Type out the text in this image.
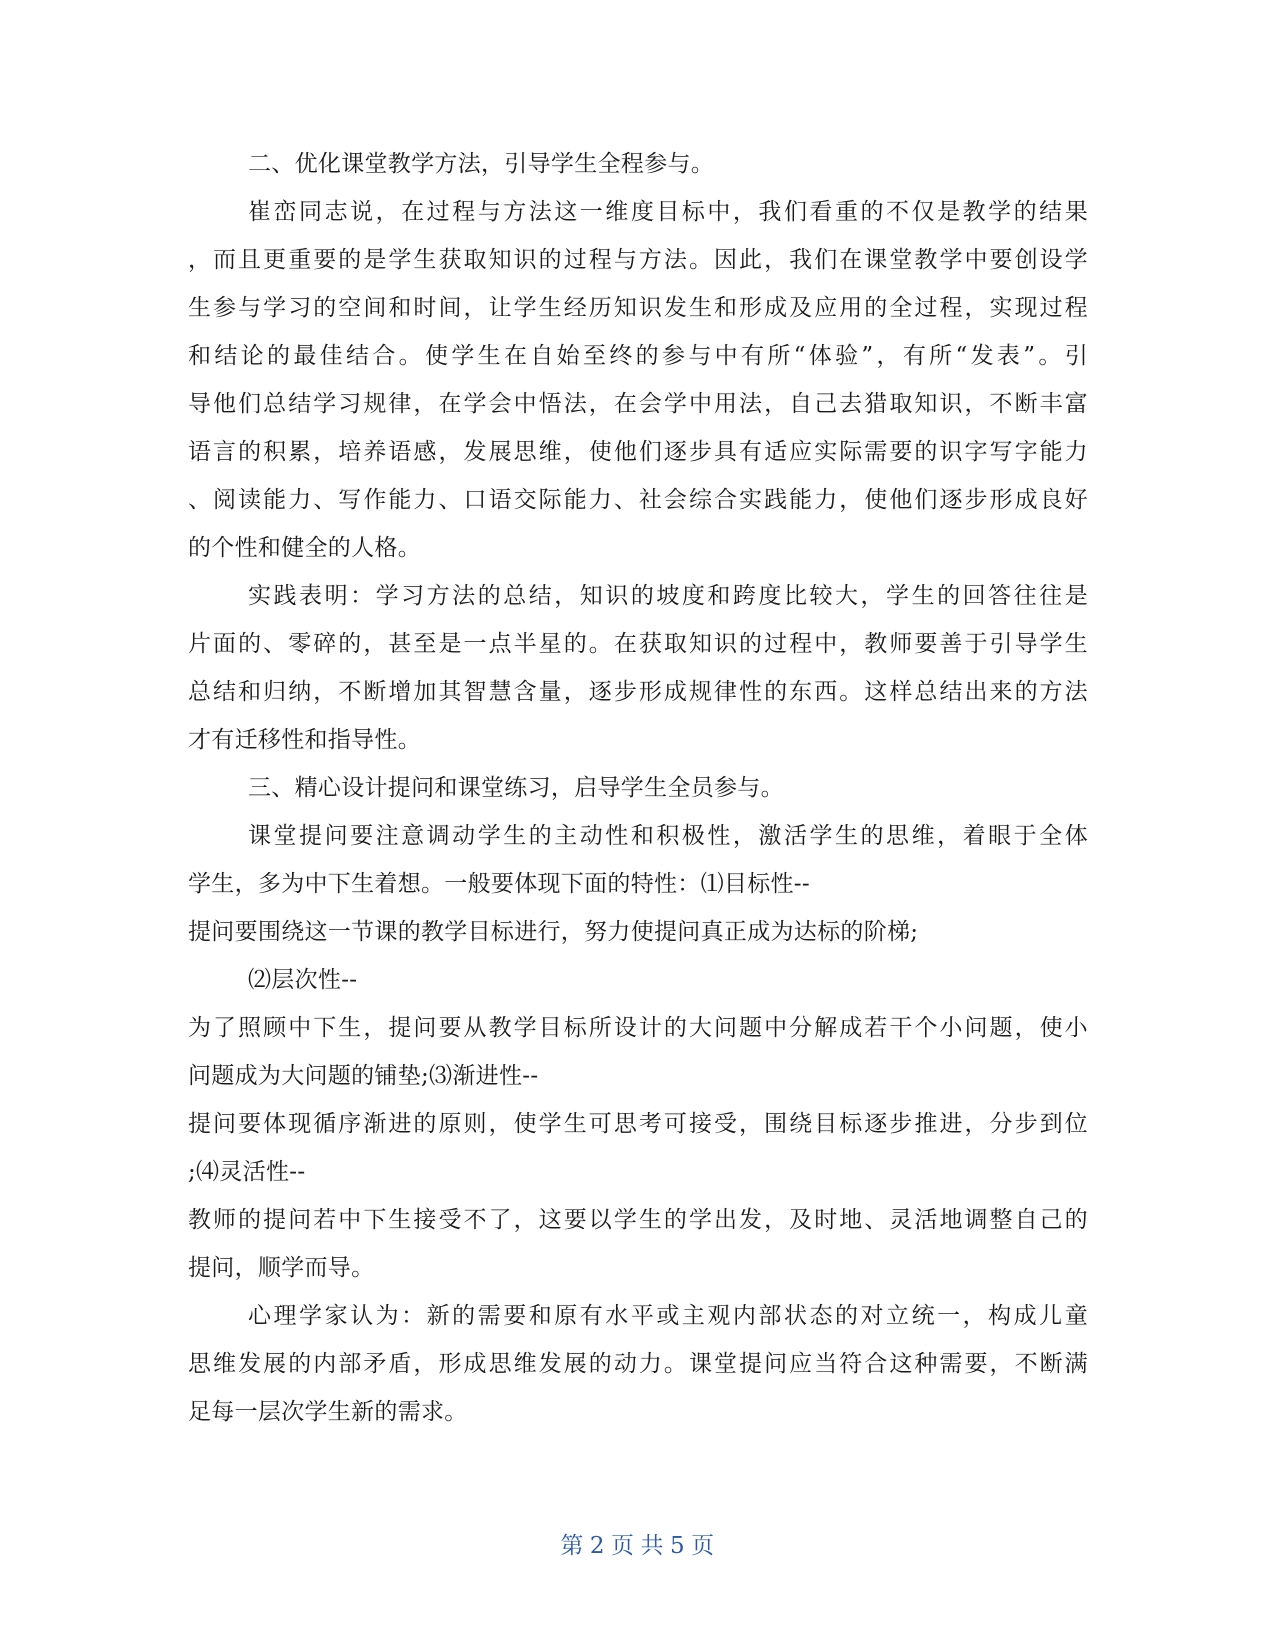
二、优化课堂教学方法，引导学生全程参与。
崔峦同志说，在过程与方法这一维度目标中，我们看重的不仅是教学的结果
，而且更重要的是学生获取知识的过程与方法。因此，我们在课堂教学中要创设学
生参与学习的空间和时间，让学生经历知识发生和形成及应用的全过程，实现过程
和结论的最佳结合。使学生在自始至终的参与中有所“体验”，有所“发表”。引
导他们总结学习规律，在学会中悟法，在会学中用法，自己去猎取知识，不断丰富
语言的积累，培养语感，发展思维，使他们逐步具有适应实际需要的识字写字能力
、阅读能力、写作能力、口语交际能力、社会综合实践能力，使他们逐步形成良好
的个性和健全的人格。
实践表明：学习方法的总结，知识的坡度和跨度比较大，学生的回答往往是
片面的、零碎的，甚至是一点半星的。在获取知识的过程中，教师要善于引导学生
总结和归纳，不断增加其智慧含量，逐步形成规律性的东西。这样总结出来的方法
才有迁移性和指导性。
三、精心设计提问和课堂练习，启导学生全员参与。
课堂提问要注意调动学生的主动性和积极性，激活学生的思维，着眼于全体
学生，多为中下生着想。一般要体现下面的特性：⑴目标性--
提问要围绕这一节课的教学目标进行，努力使提问真正成为达标的阶梯;
⑵层次性--
为了照顾中下生，提问要从教学目标所设计的大问题中分解成若干个小问题，使小
问题成为大问题的铺垫;⑶渐进性--
提问要体现循序渐进的原则，使学生可思考可接受，围绕目标逐步推进，分步到位
;⑷灵活性--
教师的提问若中下生接受不了，这要以学生的学出发，及时地、灵活地调整自己的
提问，顺学而导。
心理学家认为：新的需要和原有水平或主观内部状态的对立统一，构成儿童
思维发展的内部矛盾，形成思维发展的动力。课堂提问应当符合这种需要，不断满
足每一层次学生新的需求。
第 2 页 共 5 页
